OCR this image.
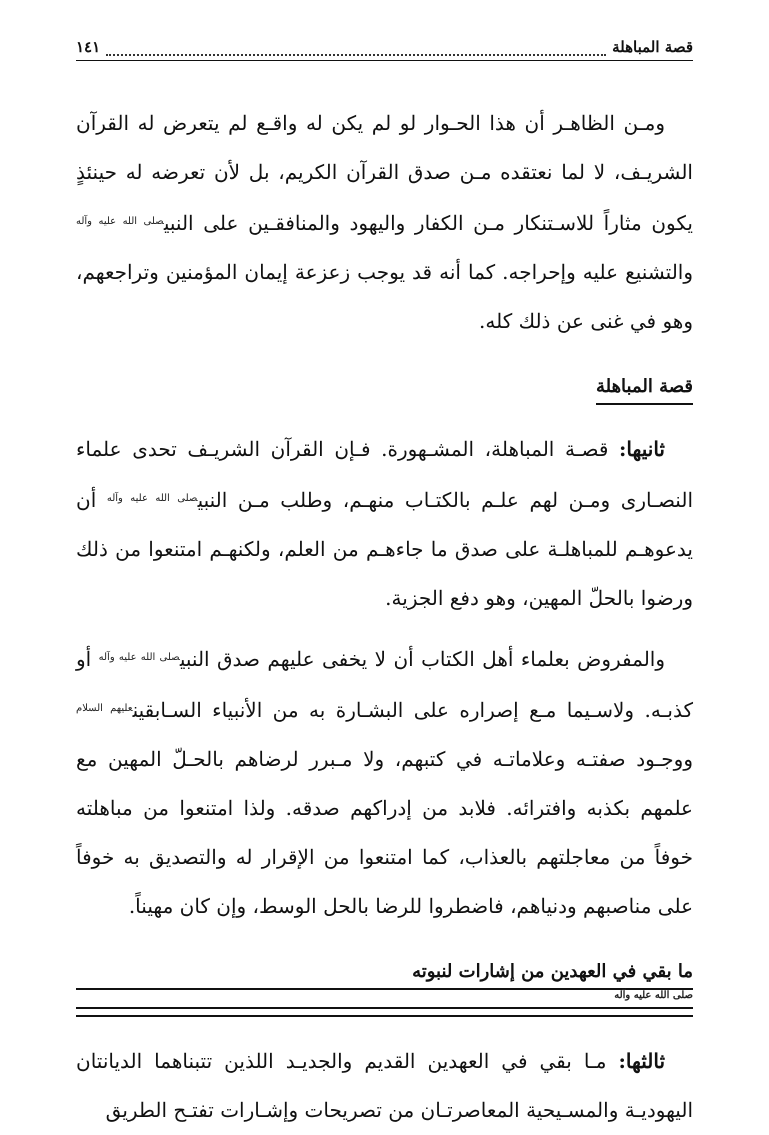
قصة المباهلة
١٤١

ومـن الظاهـر أن هذا الحـوار لو لم يكن له واقـع لم يتعرض له القرآن الشريـف، لا لما نعتقده مـن صدق القرآن الكريم، بل لأن تعرضه له حينئذٍ يكون مثاراً للاسـتنكار مـن الكفار واليهود والمنافقـين على النبي$^{صلى الله عليه وآله}$ والتشنيع عليه وإحراجه. كما أنه قد يوجب زعزعة إيمان المؤمنين وتراجعهم، وهو في غنى عن ذلك كله.

قصة المباهلة

ثانيها: قصـة المباهلة، المشـهورة. فـإن القرآن الشريـف تحدى علماء النصـارى ومـن لهم علـم بالكتـاب منهـم، وطلب مـن النبي$^{صلى الله عليه وآله}$ أن يدعوهـم للمباهلـة على صدق ما جاءهـم من العلم، ولكنهـم امتنعوا من ذلك ورضوا بالحلّ المهين، وهو دفع الجزية.

والمفروض بعلماء أهل الكتاب أن لا يخفى عليهم صدق النبي$^{صلى الله عليه وآله}$ أو كذبـه. ولاسـيما مـع إصراره على البشـارة به من الأنبياء السـابقين$^{عليهم السلام}$ ووجـود صفتـه وعلاماتـه في كتبهم، ولا مـبرر لرضاهم بالحـلّ المهين مع علمهم بكذبه وافترائه. فلابد من إدراكهم صدقه. ولذا امتنعوا من مباهلته خوفاً من معاجلتهم بالعذاب، كما امتنعوا من الإقرار له والتصديق به خوفاً على مناصبهم ودنياهم، فاضطروا للرضا بالحل الوسط، وإن كان مهيناً.

ما بقي في العهدين من إشارات لنبوته
صلى الله عليه وآله

ثالثها: مـا بقي في العهدين القديم والجديـد اللذين تتبناهما الديانتان اليهوديـة والمسـيحية المعاصرتـان من تصريحات وإشـارات تفتـح الطريق
